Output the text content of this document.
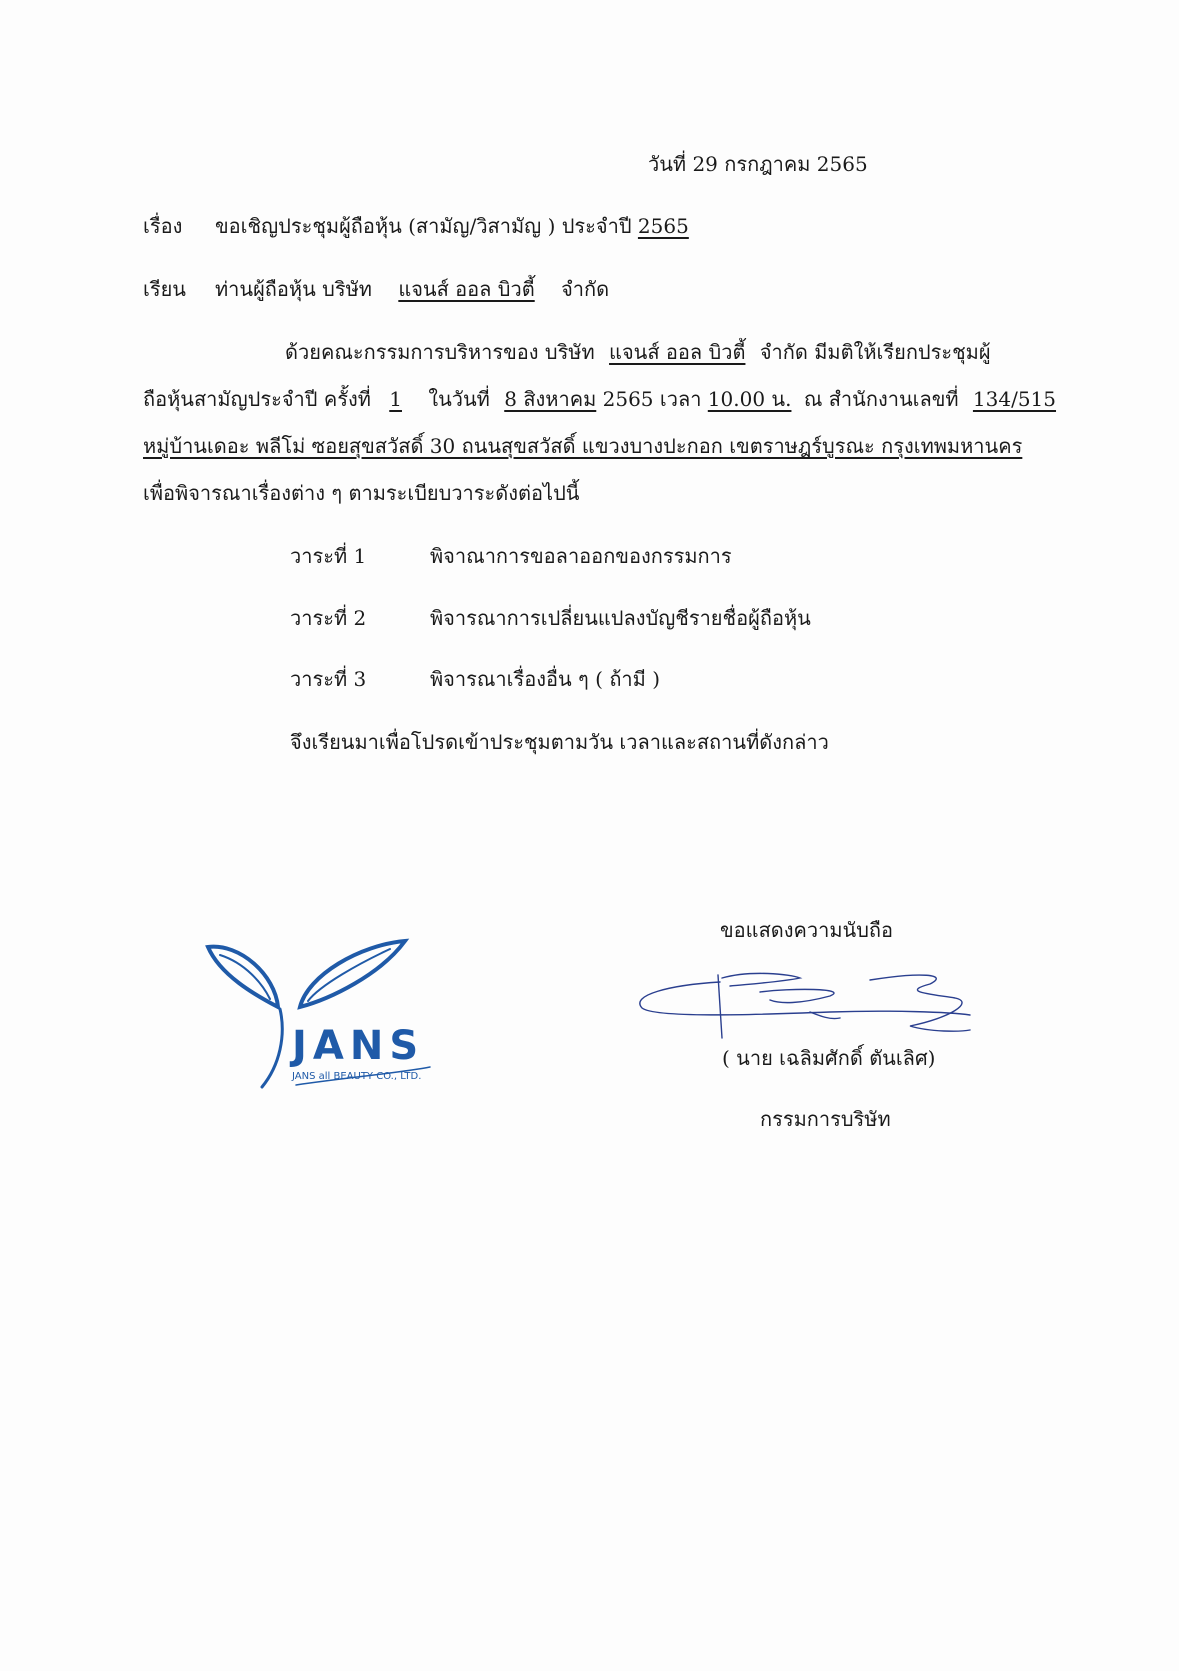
วันที่ 29 กรกฎาคม 2565
เรื่อง ขอเชิญประชุมผู้ถือหุ้น (สามัญ/วิสามัญ ) ประจำปี 2565
เรียน ท่านผู้ถือหุ้น บริษัท แจนส์ ออล บิวตี้ จำกัด
ด้วยคณะกรรมการบริหารของ บริษัท แจนส์ ออล บิวตี้ จำกัด มีมติให้เรียกประชุมผู้
ถือหุ้นสามัญประจำปี ครั้งที่ 1 ในวันที่ 8 สิงหาคม 2565 เวลา 10.00 น. ณ สำนักงานเลขที่ 134/515
หมู่บ้านเดอะ พลีโม่ ซอยสุขสวัสดิ์ 30 ถนนสุขสวัสดิ์ แขวงบางปะกอก เขตราษฎร์บูรณะ กรุงเทพมหานคร
เพื่อพิจารณาเรื่องต่าง ๆ ตามระเบียบวาระดังต่อไปนี้
วาระที่ 1	พิจาณาการขอลาออกของกรรมการ
วาระที่ 2	พิจารณาการเปลี่ยนแปลงบัญชีรายชื่อผู้ถือหุ้น
วาระที่ 3	พิจารณาเรื่องอื่น ๆ ( ถ้ามี )
จึงเรียนมาเพื่อโปรดเข้าประชุมตามวัน เวลาและสถานที่ดังกล่าว
ขอแสดงความนับถือ
( นาย เฉลิมศักดิ์ ตันเลิศ)
กรรมการบริษัท
JANS
JANS all BEAUTY CO., LTD.
